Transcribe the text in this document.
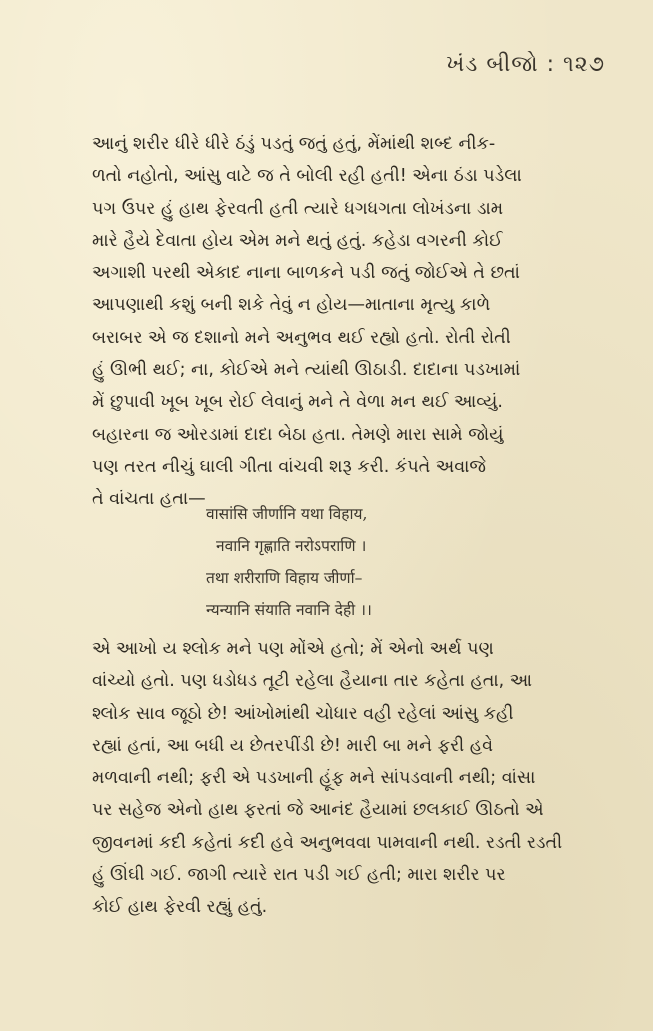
ખંડ બીજો : ૧૨૭
આનું શરીર ધીરે ધીરે ઠંડું પડતું જતું હતું, મેંમાંથી શબ્દ નીક-
ળતો નહોતો, આંસુ વાટે જ તે બોલી રહી હતી! એના ઠંડા પડેલા
પગ ઉપર હું હાથ ફેરવતી હતી ત્યારે ધગધગતા લોખંડના ડામ
મારે હૈયે દેવાતા હોય એમ મને થતું હતું. કહેડા વગરની કોઈ
અગાશી પરથી એકાદ નાના બાળકને પડી જતું જોઈએ તે છતાં
આપણાથી કશું બની શકે તેવું ન હોય—માતાના મૃત્યુ કાળે
બરાબર એ જ દશાનો મને અનુભવ થઈ રહ્યો હતો. રોતી રોતી
હું ઊભી થઈ; ના, કોઈએ મને ત્યાંથી ઊઠાડી. દાદાના પડખામાં
મેં છુપાવી ખૂબ ખૂબ રોઈ લેવાનું મને તે વેળા મન થઈ આવ્યું.
બહારના જ ઓરડામાં દાદા બેઠા હતા. તેમણે મારા સામે જોયું
પણ તરત નીચું ઘાલી ગીતા વાંચવી શરૂ કરી. કંપતે અવાજે
તે વાંચતા હતા—
वासांसि जीर्णानि यथा विहाय,
नवानि गृह्णाति नरोऽपराणि ।
तथा शरीराणि विहाय जीर्णा–
न्यन्यानि संयाति नवानि देही ।।
એ આખો ય શ્લોક મને પણ મોંએ હતો; મેં એનો અર્થ પણ
વાંચ્યો હતો. પણ ધડોધડ તૂટી રહેલા હૈયાના તાર કહેતા હતા, આ
શ્લોક સાવ જૂઠો છે! આંખોમાંથી ચોધાર વહી રહેલાં આંસુ કહી
રહ્યાં હતાં, આ બધી ય છેતરપીંડી છે! મારી બા મને ફરી હવે
મળવાની નથી; ફરી એ પડખાની હૂંફ મને સાંપડવાની નથી; વાંસા
પર સહેજ એનો હાથ ફરતાં જે આનંદ હૈયામાં છલકાઈ ઊઠતો એ
જીવનમાં કદી કહેતાં કદી હવે અનુભવવા પામવાની નથી. રડતી રડતી
હું ઊંઘી ગઈ. જાગી ત્યારે રાત પડી ગઈ હતી; મારા શરીર પર
કોઈ હાથ ફેરવી રહ્યું હતું.
